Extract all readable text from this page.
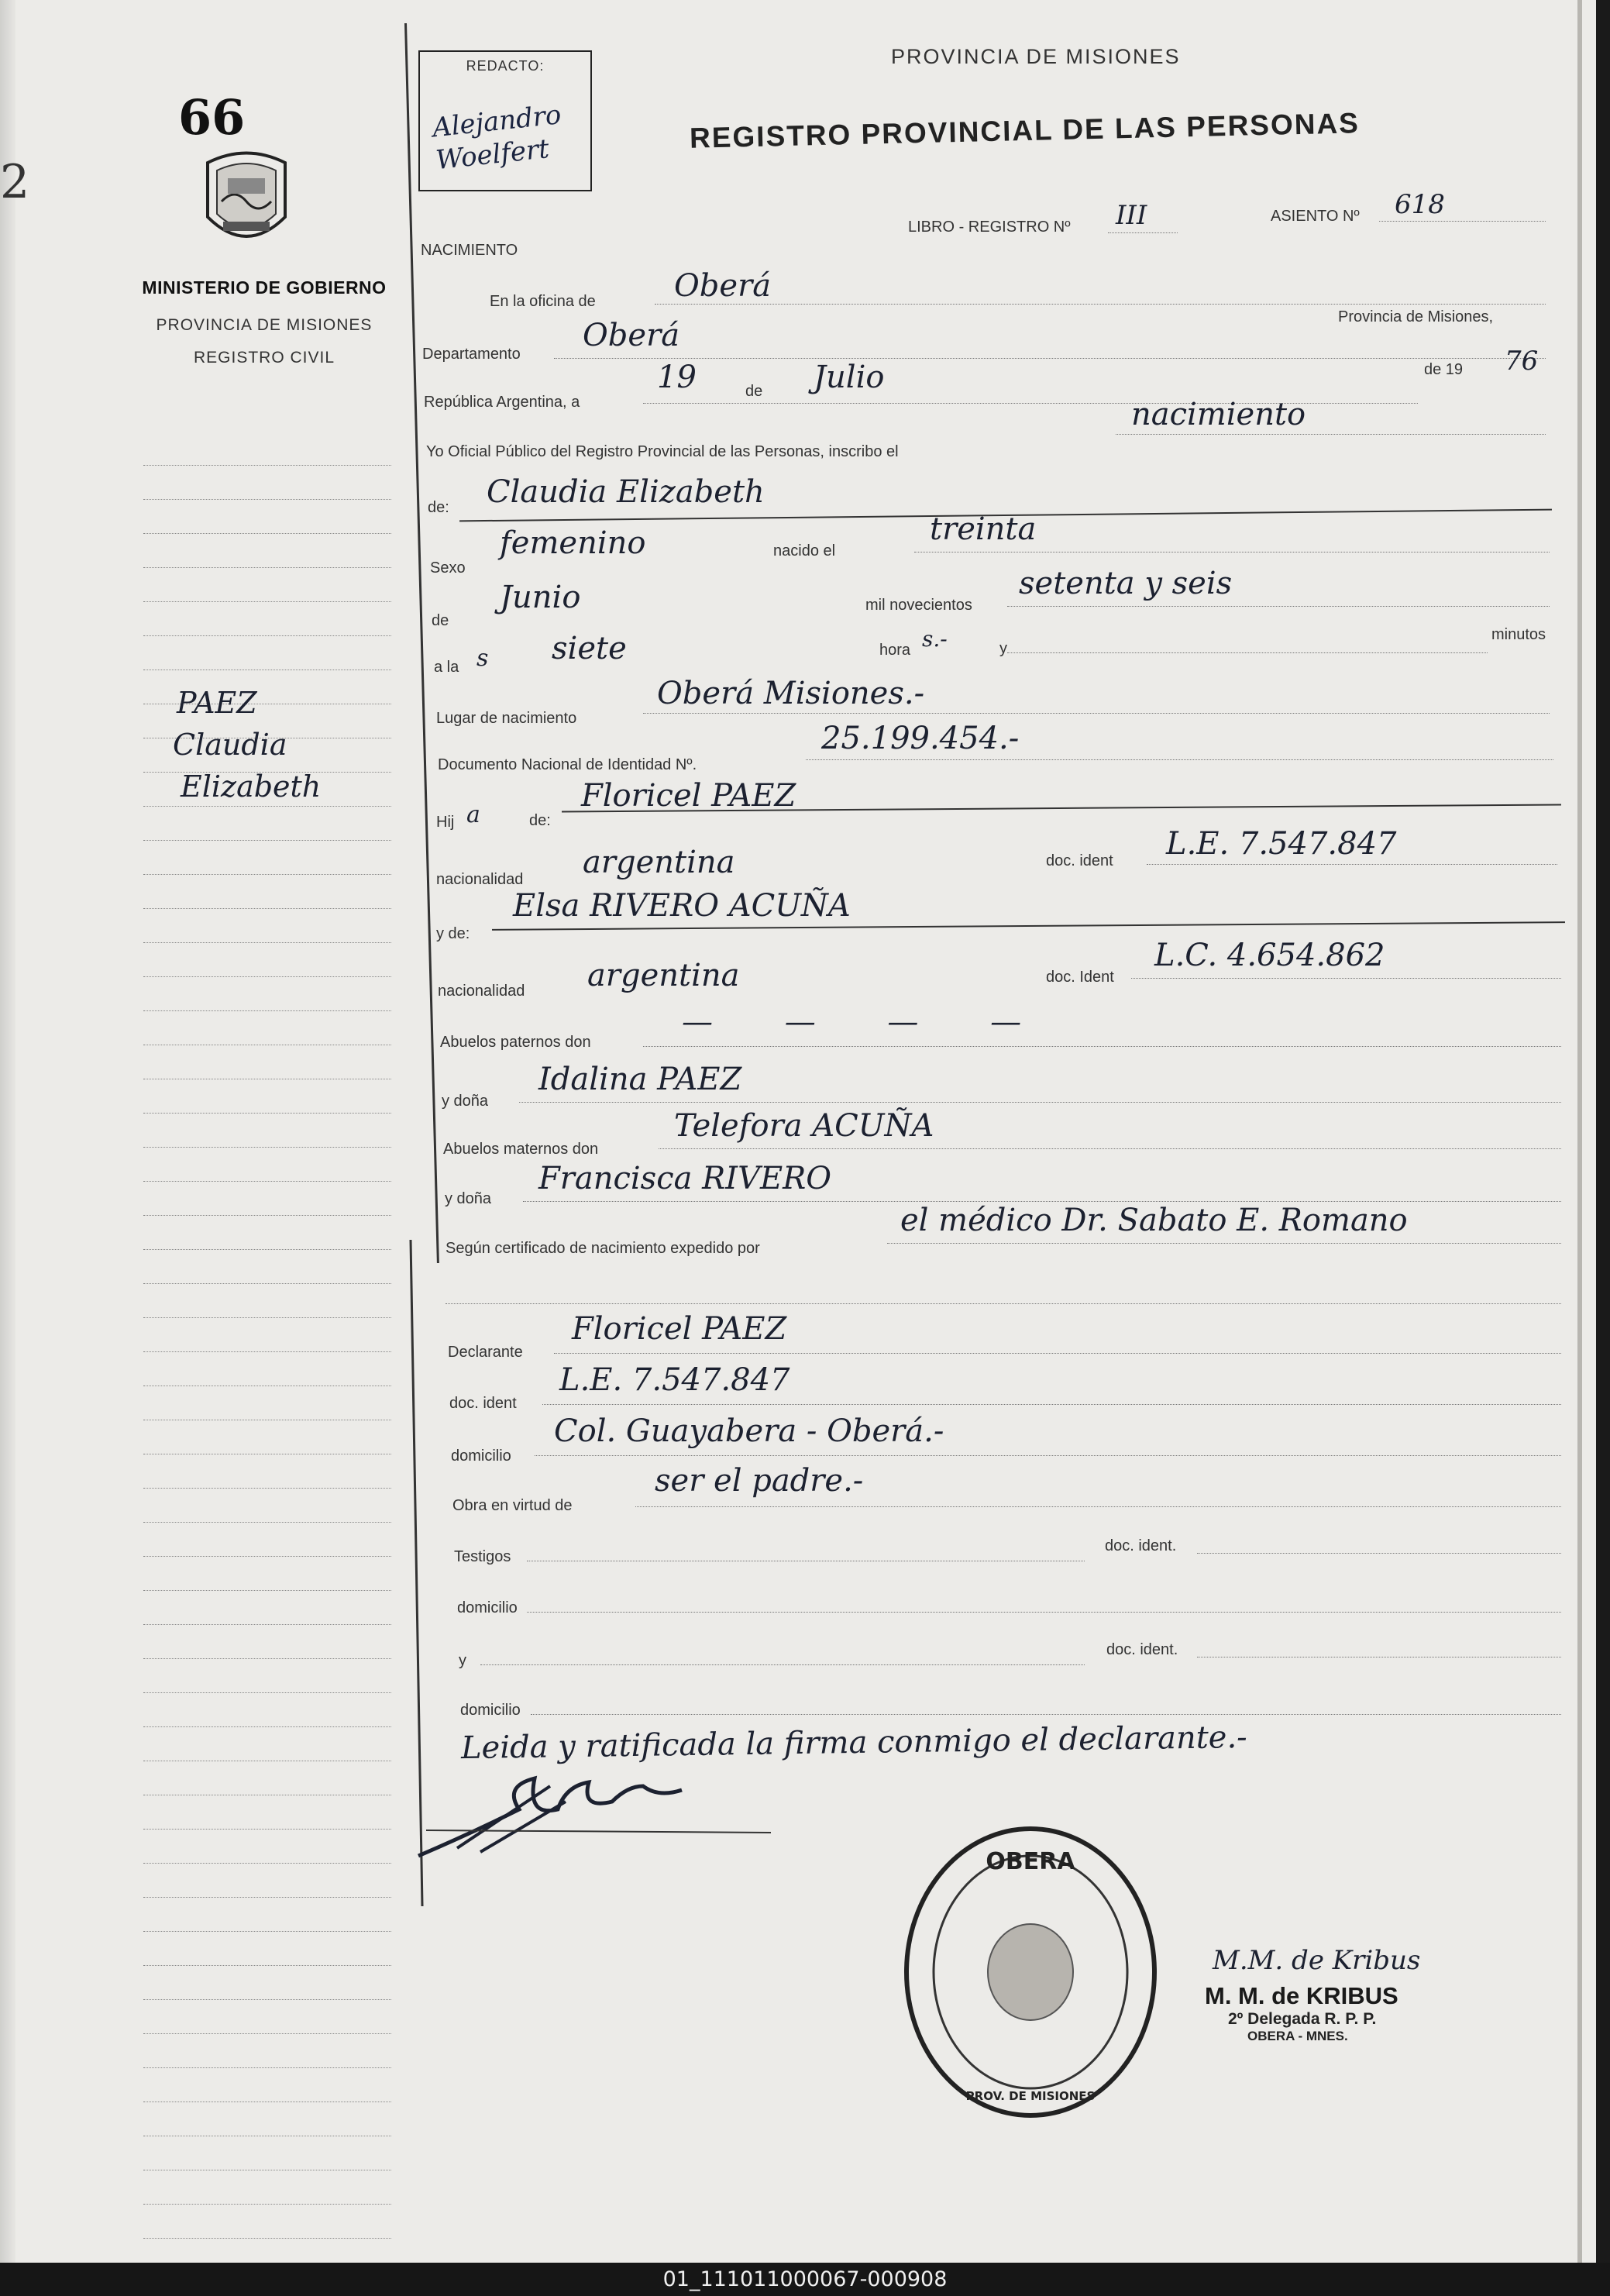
2
66
MINISTERIO DE GOBIERNO
PROVINCIA DE MISIONES
REGISTRO CIVIL
PAEZ
Claudia
Elizabeth
REDACTO:
Alejandro Woelfert
PROVINCIA DE MISIONES
REGISTRO PROVINCIAL DE LAS PERSONAS
LIBRO - REGISTRO Nº III	ASIENTO Nº 618
NACIMIENTO
En la oficina de	Oberá
Provincia de Misiones,
Departamento
Oberá
República Argentina, a
19	de Julio	de 19 76
Yo Oficial Público del Registro Provincial de las Personas, inscribo el
nacimiento
de: Claudia Elizabeth
Sexo
femenino	nacido el
treinta
de
Junio	mil novecientos
setenta y seis
a la s siete	hora s.-	y
minutos
Lugar de nacimiento
Oberá Misiones.-
Documento Nacional de Identidad Nº.
25.199.454.-
Hij a	de:
Floricel PAEZ
nacionalidad argentina	doc. ident L.E. 7.547.847
y de:
Elsa RIVERO ACUÑA
nacionalidad argentina	doc. Ident
L.C. 4.654.862
Abuelos paternos don
— — — —
y doña
Idalina PAEZ
Abuelos maternos don
Telefora ACUÑA
y doña
Francisca RIVERO
Según certificado de nacimiento expedido por
el médico Dr. Sabato E. Romano
Declarante
Floricel PAEZ
doc. ident
L.E. 7.547.847
domicilio
Col. Guayabera - Oberá.-
Obra en virtud de
ser el padre.-
Testigos
doc. ident.
domicilio
y
doc. ident.
domicilio
Leida y ratificada la firma conmigo el declarante.-
OBERA
PROV. DE MISIONES
M.M. de Kribus
M. M. de KRIBUS
2º Delegada R. P. P.
OBERA - MNES.
01_111011000067-000908
